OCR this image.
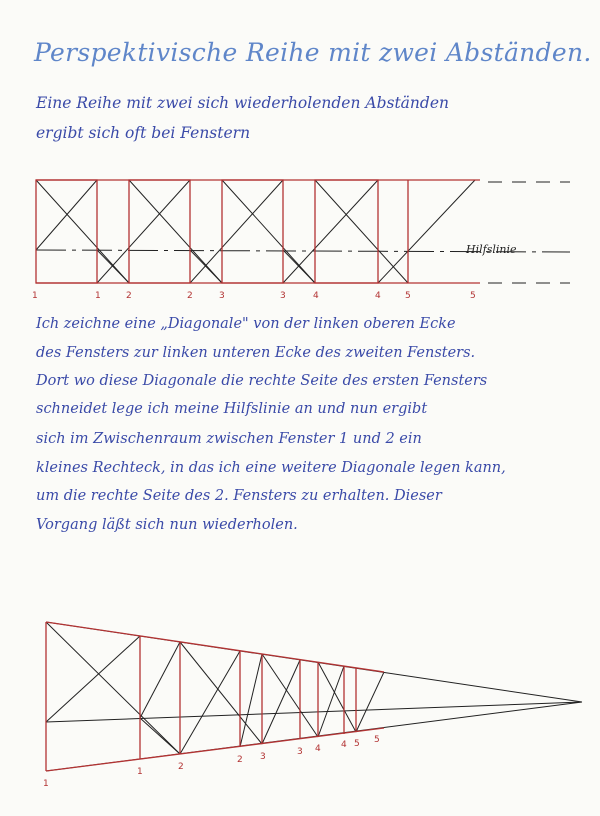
Perspektivische Reihe mit zwei Abständen.
Eine Reihe mit zwei sich wiederholenden Abständen
ergibt sich oft bei Fenstern
Hilfslinie
1	1	2	2	3	3	4	4	5	5
1
1	2
2 3	3 4 4 5 5
Ich zeichne eine „Diagonale" von der linken oberen Ecke
des Fensters zur linken unteren Ecke des zweiten Fensters.
Dort wo diese Diagonale die rechte Seite des ersten Fensters
schneidet lege ich meine Hilfslinie an und nun ergibt
sich im Zwischenraum zwischen Fenster 1 und 2 ein
kleines Rechteck, in das ich eine weitere Diagonale legen kann,
um die rechte Seite des 2. Fensters zu erhalten. Dieser
Vorgang läßt sich nun wiederholen.
